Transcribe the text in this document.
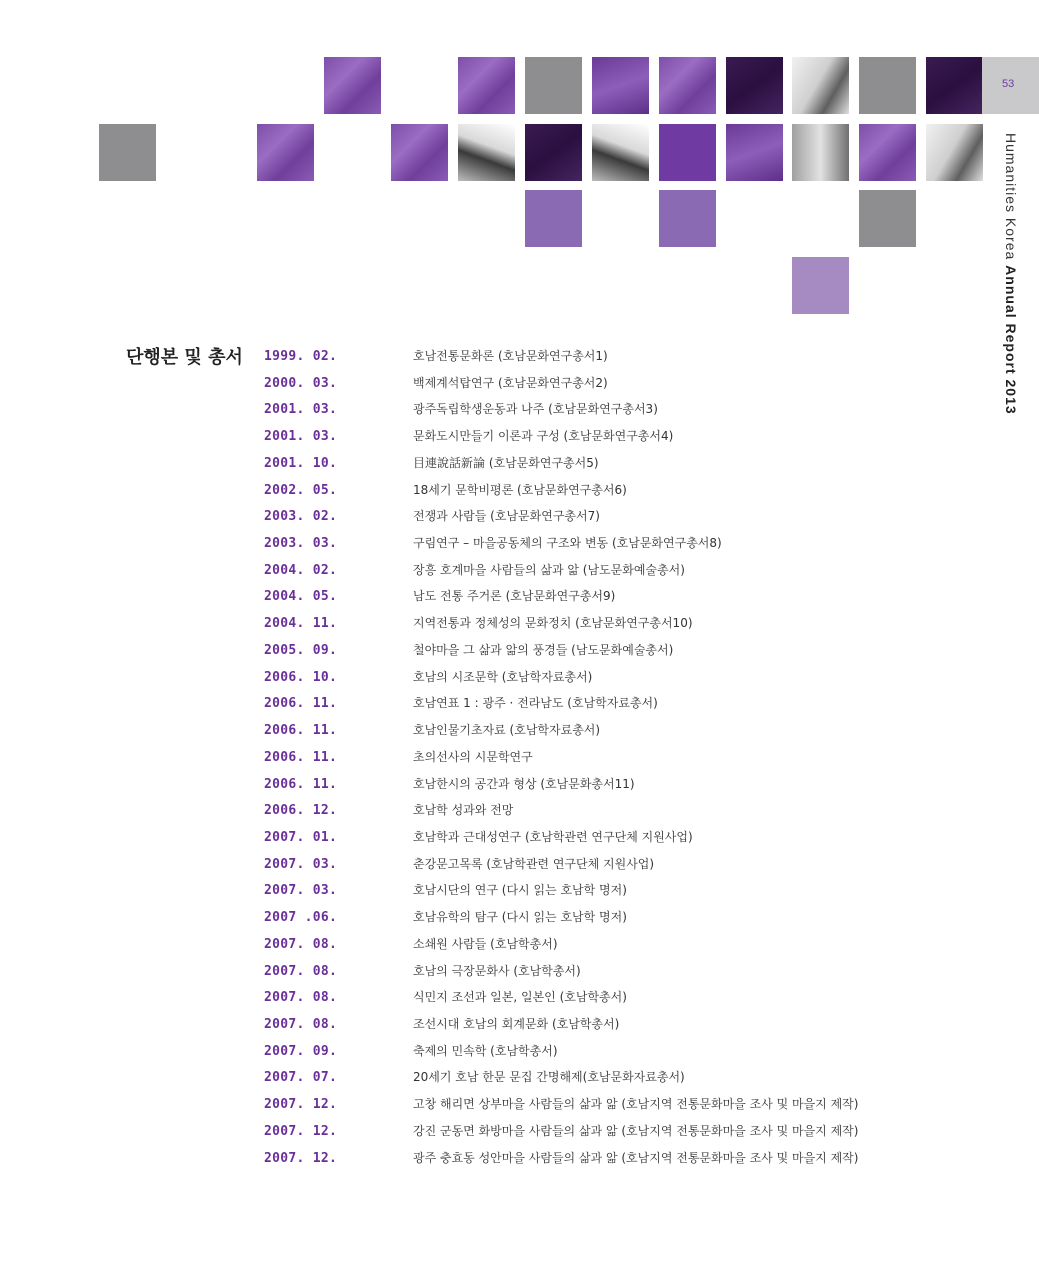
53
Humanities Korea Annual Report 2013
단행본 및 총서 1999. 02.	호남전통문화론 (호남문화연구총서1)
2000. 03.	백제계석탑연구 (호남문화연구총서2)
2001. 03.	광주독립학생운동과 나주 (호남문화연구총서3)
2001. 03.	문화도시만들기 이론과 구성 (호남문화연구총서4)
2001. 10.	目連說話新論 (호남문화연구총서5)
2002. 05.	18세기 문학비평론 (호남문화연구총서6)
2003. 02.	전쟁과 사람들 (호남문화연구총서7)
2003. 03.	구림연구 – 마을공동체의 구조와 변동 (호남문화연구총서8)
2004. 02.	장흥 호계마을 사람들의 삶과 앎 (남도문화예술총서)
2004. 05.	남도 전통 주거론 (호남문화연구총서9)
2004. 11.	지역전통과 정체성의 문화정치 (호남문화연구총서10)
2005. 09.	철야마을 그 삶과 앎의 풍경들 (남도문화예술총서)
2006. 10.	호남의 시조문학 (호남학자료총서)
2006. 11.	호남연표 1 : 광주 · 전라남도 (호남학자료총서)
2006. 11.	호남인물기초자료 (호남학자료총서)
2006. 11.	초의선사의 시문학연구
2006. 11.	호남한시의 공간과 형상 (호남문화총서11)
2006. 12.	호남학 성과와 전망
2007. 01.	호남학과 근대성연구 (호남학관련 연구단체 지원사업)
2007. 03.	춘강문고목록 (호남학관련 연구단체 지원사업)
2007. 03.	호남시단의 연구 (다시 읽는 호남학 명저)
2007 .06.	호남유학의 탐구 (다시 읽는 호남학 명저)
2007. 08.	소쇄원 사람들 (호남학총서)
2007. 08.	호남의 극장문화사 (호남학총서)
2007. 08.	식민지 조선과 일본, 일본인 (호남학총서)
2007. 08.	조선시대 호남의 회계문화 (호남학총서)
2007. 09.	축제의 민속학 (호남학총서)
2007. 07.	20세기 호남 한문 문집 간명해제(호남문화자료총서)
2007. 12.	고창 해리면 상부마을 사람들의 삶과 앎 (호남지역 전통문화마을 조사 및 마을지 제작)
2007. 12.	강진 군동면 화방마을 사람들의 삶과 앎 (호남지역 전통문화마을 조사 및 마을지 제작)
2007. 12.	광주 충효동 성안마을 사람들의 삶과 앎 (호남지역 전통문화마을 조사 및 마을지 제작)
